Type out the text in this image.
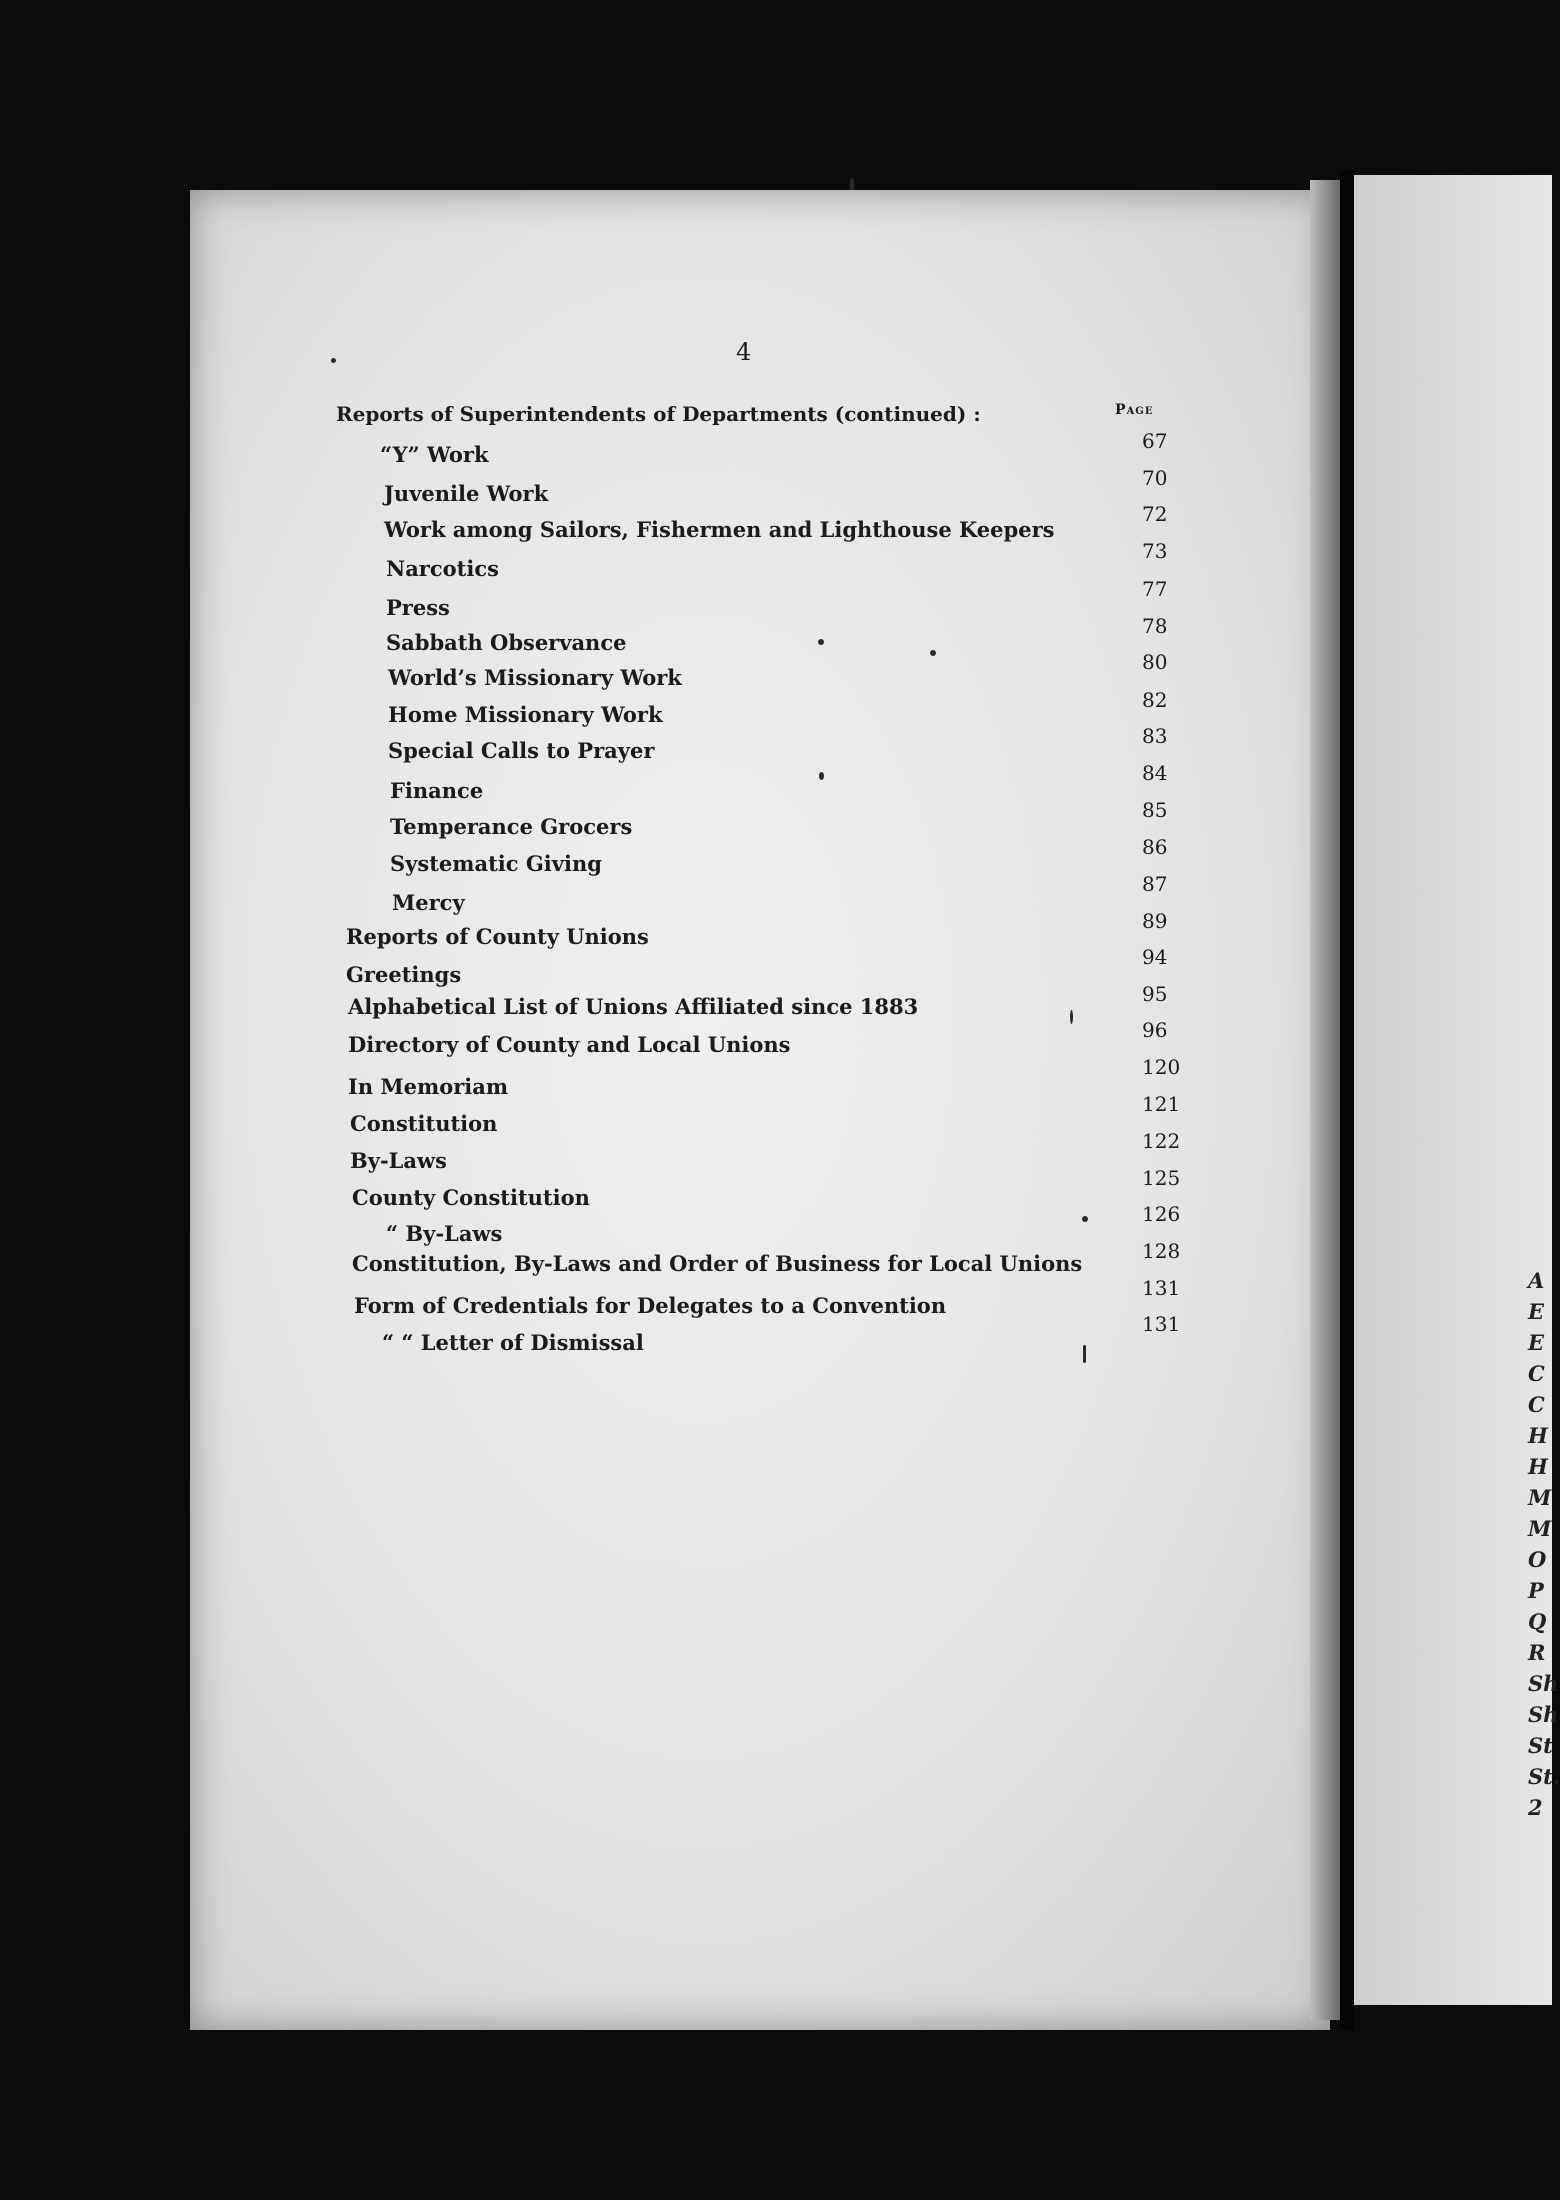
A
E
E
C
C
H
H
M
M
O
P
Q
R
Sh
Sh
St
St.
2
4
Page
Reports of Superintendents of Departments (continued) :
“Y” Work
67
Juvenile Work
70
Work among Sailors, Fishermen and Lighthouse Keepers
72
Narcotics
73
Press
77
Sabbath Observance
78
World’s Missionary Work
80
Home Missionary Work
82
Special Calls to Prayer
83
Finance
84
Temperance Grocers
85
Systematic Giving
86
Mercy
87
Reports of County Unions
89
Greetings
94
Alphabetical List of Unions Affiliated since 1883	95
Directory of County and Local Unions
96
In Memoriam
120
Constitution
121
By-Laws
122
County Constitution
125
“ By-Laws
126
Constitution, By-Laws and Order of Business for Local Unions	128
Form of Credentials for Delegates to a Convention
131
“ “ Letter of Dismissal
131
